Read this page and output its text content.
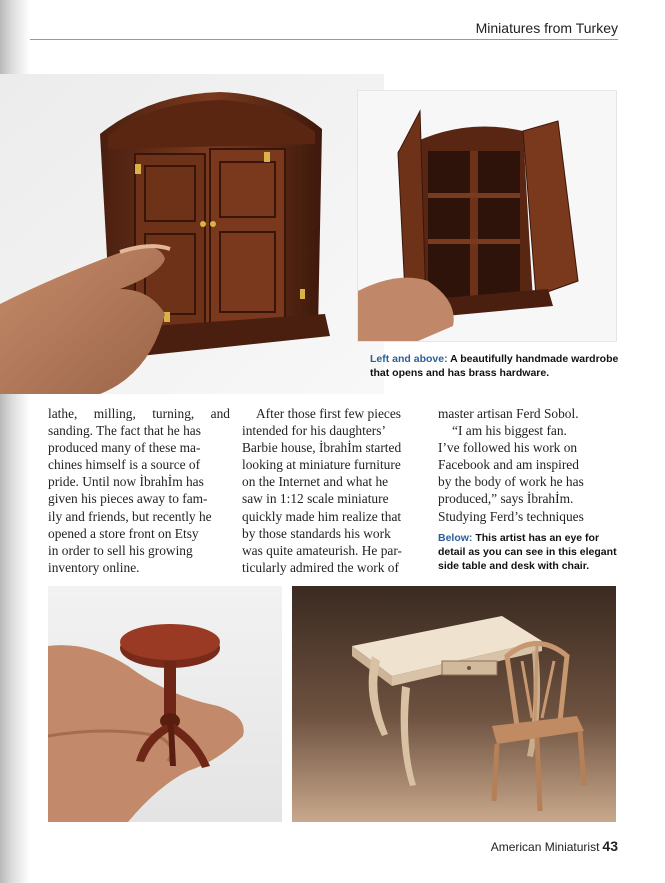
Miniatures from Turkey
Left and above: A beautifully handmade wardrobe that opens and has brass hardware.

lathe, milling, turning, and

sanding. The fact that he has

produced many of these ma-

chines himself is a source of

pride. Until now İbrahİm has

given his pieces away to fam-

ily and friends, but recently he

opened a store front on Etsy

in order to sell his growing

inventory online.

After those first few pieces

intended for his daughters’

Barbie house, İbrahİm started

looking at miniature furniture

on the Internet and what he

saw in 1:12 scale miniature

quickly made him realize that

by those standards his work

was quite amateurish. He par-

ticularly admired the work of

master artisan Ferd Sobol.

“I am his biggest fan.

I’ve followed his work on

Facebook and am inspired

by the body of work he has

produced,” says İbrahİm.

Studying Ferd’s techniques

Below: This artist has an eye for detail as you can see in this elegant side table and desk with chair.
American Miniaturist 43
